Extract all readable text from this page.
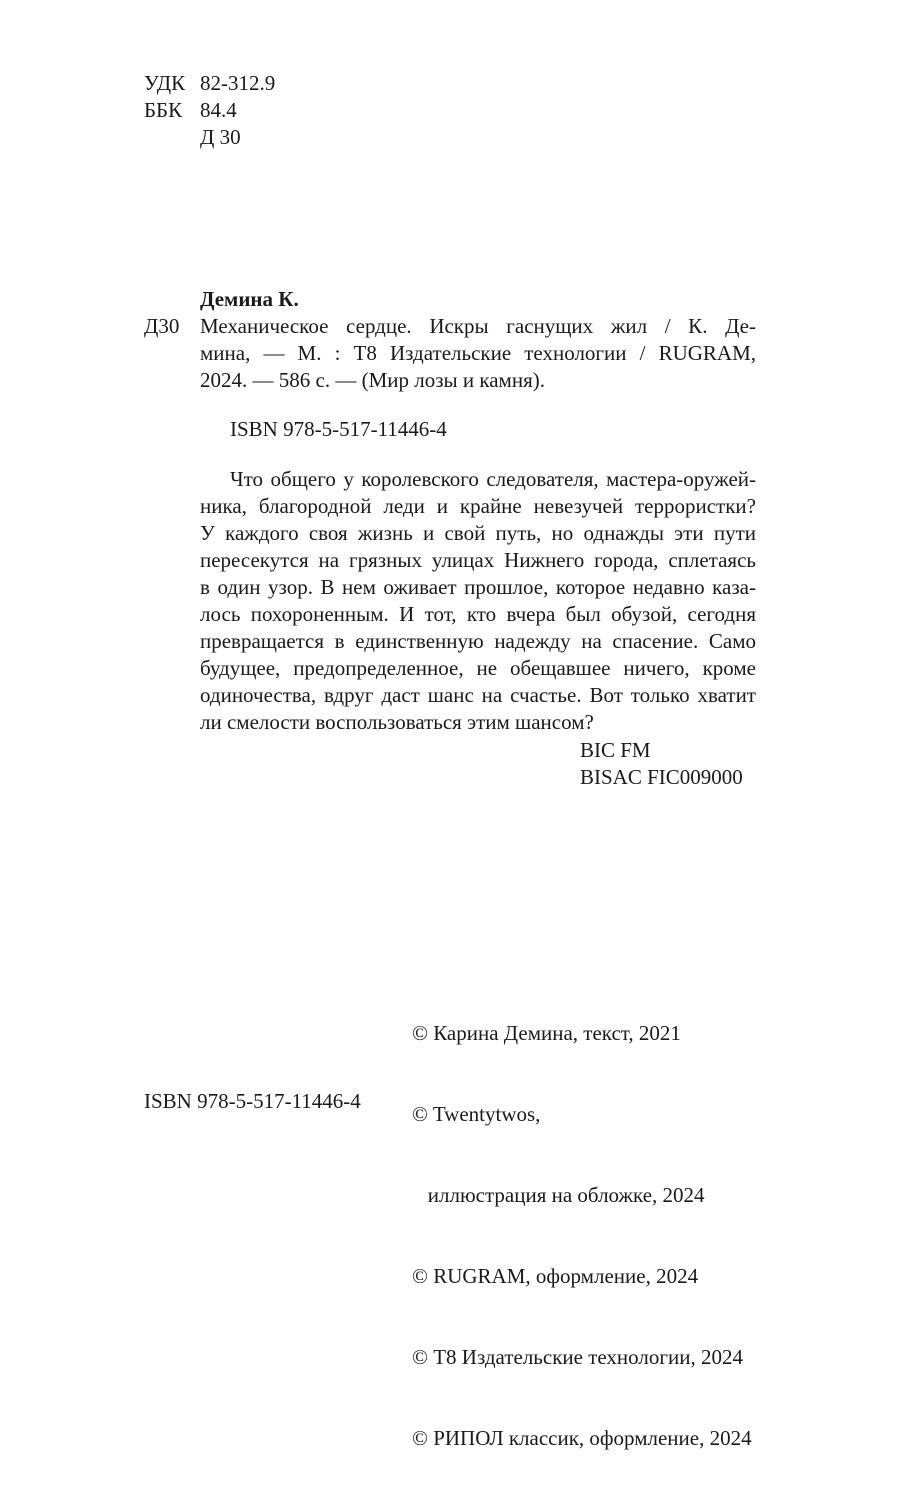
УДК 82-312.9
ББК 84.4
Д 30
Демина К.
Д30 Механическое сердце. Искры гаснущих жил / К. Де-
мина, — М. : Т8 Издательские технологии / RUGRAM,
2024. — 586 с. — (Мир лозы и камня).
ISBN 978-5-517-11446-4
Что общего у королевского следователя, мастера-оружей-
ника, благородной леди и крайне невезучей террористки?
У каждого своя жизнь и свой путь, но однажды эти пути
пересекутся на грязных улицах Нижнего города, сплетаясь
в один узор. В нем оживает прошлое, которое недавно каза-
лось похороненным. И тот, кто вчера был обузой, сегодня
превращается в единственную надежду на спасение. Само
будущее, предопределенное, не обещавшее ничего, кроме
одиночества, вдруг даст шанс на счастье. Вот только хватит
ли смелости воспользоваться этим шансом?
BIC FM
BISAC FIC009000
ISBN 978-5-517-11446-4

© Карина Демина, текст, 2021

© Twentytwos,

иллюстрация на обложке, 2024

© RUGRAM, оформление, 2024

© Т8 Издательские технологии, 2024

© РИПОЛ классик, оформление, 2024
